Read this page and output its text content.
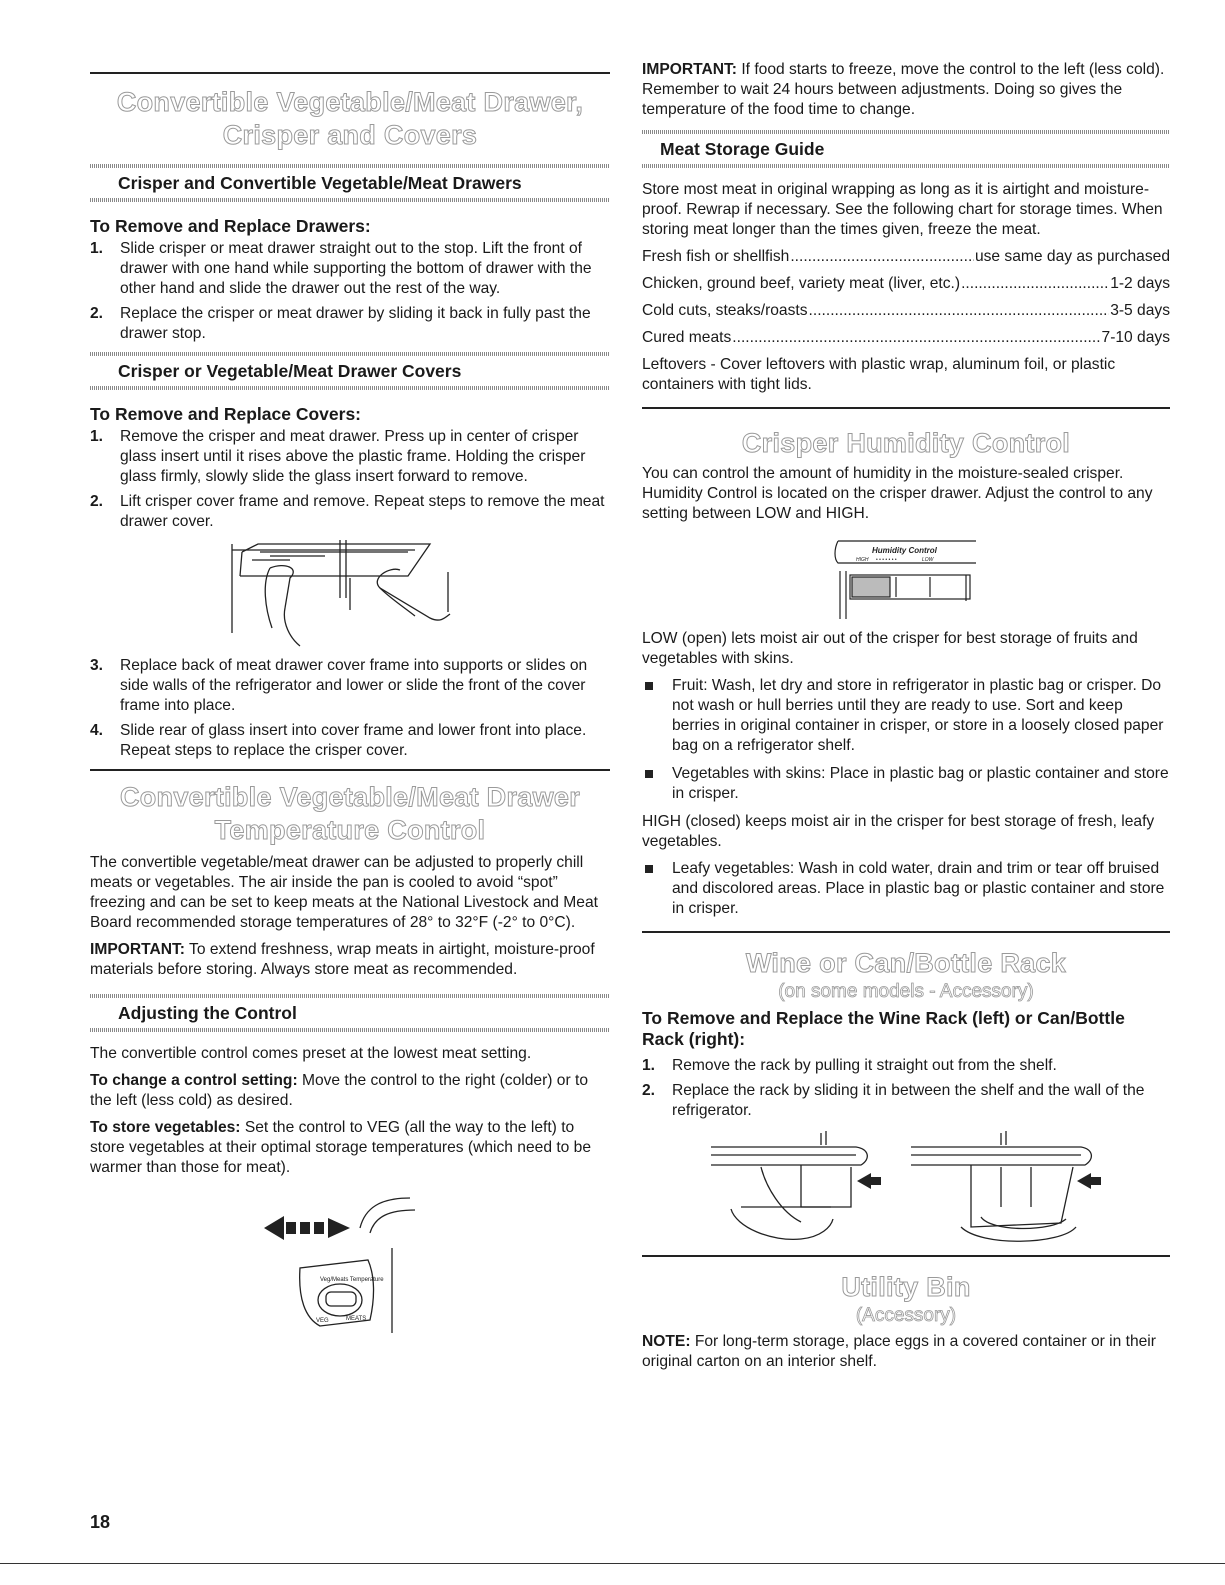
Convertible Vegetable/Meat Drawer,
Crisper and Covers
Crisper and Convertible Vegetable/Meat Drawers
To Remove and Replace Drawers:
1. Slide crisper or meat drawer straight out to the stop. Lift the front of drawer with one hand while supporting the bottom of drawer with the other hand and slide the drawer out the rest of the way.
2. Replace the crisper or meat drawer by sliding it back in fully past the drawer stop.
Crisper or Vegetable/Meat Drawer Covers
To Remove and Replace Covers:
1. Remove the crisper and meat drawer. Press up in center of crisper glass insert until it rises above the plastic frame. Holding the crisper glass firmly, slowly slide the glass insert forward to remove.
2. Lift crisper cover frame and remove. Repeat steps to remove the meat drawer cover.
3. Replace back of meat drawer cover frame into supports or slides on side walls of the refrigerator and lower or slide the front of the cover frame into place.
4. Slide rear of glass insert into cover frame and lower front into place. Repeat steps to replace the crisper cover.
Convertible Vegetable/Meat Drawer
Temperature Control

The convertible vegetable/meat drawer can be adjusted to properly chill meats or vegetables. The air inside the pan is cooled to avoid “spot” freezing and can be set to keep meats at the National Livestock and Meat Board recommended storage temperatures of 28° to 32°F (-2° to 0°C).

IMPORTANT: To extend freshness, wrap meats in airtight, moisture-proof materials before storing. Always store meat as recommended.

Adjusting the Control

The convertible control comes preset at the lowest meat setting.

To change a control setting: Move the control to the right (colder) or to the left (less cold) as desired.

To store vegetables: Set the control to VEG (all the way to the left) to store vegetables at their optimal storage temperatures (which need to be warmer than those for meat).

Veg/Meats Temperature
VEG	MEATS

IMPORTANT: If food starts to freeze, move the control to the left (less cold). Remember to wait 24 hours between adjustments. Doing so gives the temperature of the food time to change.

Meat Storage Guide

Store most meat in original wrapping as long as it is airtight and moisture-proof. Rewrap if necessary. See the following chart for storage times. When storing meat longer than the times given, freeze the meat.

Fresh fish or shellfish .....	use same day as purchased
Chicken, ground beef, variety meat (liver, etc.) .....	1-2 days
Cold cuts, steaks/roasts .....	3-5 days
Cured meats .....	7-10 days

Leftovers - Cover leftovers with plastic wrap, aluminum foil, or plastic containers with tight lids.

Crisper Humidity Control

You can control the amount of humidity in the moisture-sealed crisper. Humidity Control is located on the crisper drawer. Adjust the control to any setting between LOW and HIGH.

Humidity Control
HIGH • • • • • • •	LOW

LOW (open) lets moist air out of the crisper for best storage of fruits and vegetables with skins.

Fruit: Wash, let dry and store in refrigerator in plastic bag or crisper. Do not wash or hull berries until they are ready to use. Sort and keep berries in original container in crisper, or store in a loosely closed paper bag on a refrigerator shelf.
Vegetables with skins: Place in plastic bag or plastic container and store in crisper.

HIGH (closed) keeps moist air in the crisper for best storage of fresh, leafy vegetables.

Leafy vegetables: Wash in cold water, drain and trim or tear off bruised and discolored areas. Place in plastic bag or plastic container and store in crisper.
Wine or Can/Bottle Rack
(on some models - Accessory)
To Remove and Replace the Wine Rack (left) or Can/Bottle Rack (right):
1. Remove the rack by pulling it straight out from the shelf.
2. Replace the rack by sliding it in between the shelf and the wall of the refrigerator.
Utility Bin
(Accessory)

NOTE: For long-term storage, place eggs in a covered container or in their original carton on an interior shelf.

18
